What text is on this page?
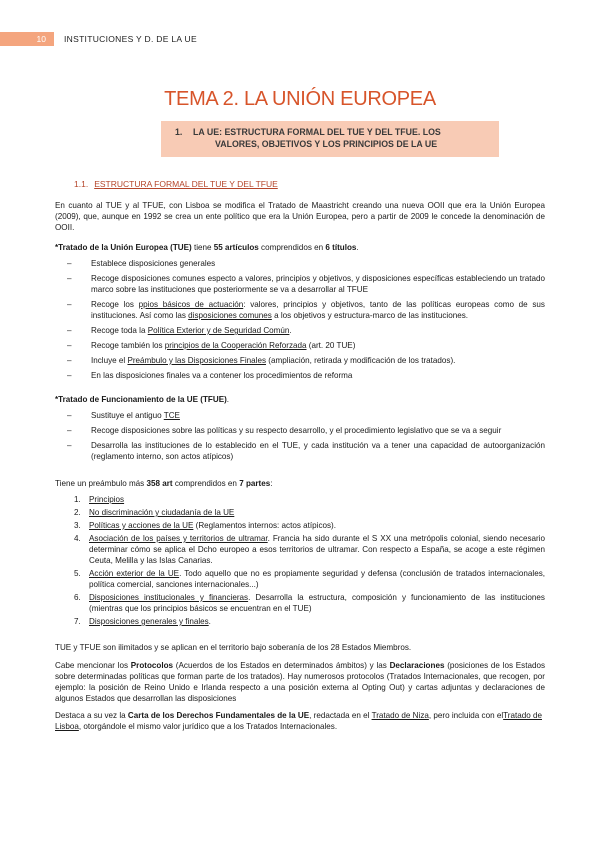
10	INSTITUCIONES Y D. DE LA UE
TEMA 2. LA UNIÓN EUROPEA
1. LA UE: ESTRUCTURA FORMAL DEL TUE Y DEL TFUE. LOS
VALORES, OBJETIVOS Y LOS PRINCIPIOS DE LA UE
1.1. ESTRUCTURA FORMAL DEL TUE Y DEL TFUE
En cuanto al TUE y al TFUE, con Lisboa se modifica el Tratado de Maastricht creando una nueva OOII que era la Unión Europea (2009), que, aunque en 1992 se crea un ente político que era la Unión Europea, pero a partir de 2009 le concede la denominación de OOII.
*Tratado de la Unión Europea (TUE) tiene 55 artículos comprendidos en 6 títulos.
– Establece disposiciones generales
– Recoge disposiciones comunes especto a valores, principios y objetivos, y disposiciones específicas estableciendo un tratado marco sobre las instituciones que posteriormente se va a desarrollar al TFUE
– Recoge los ppios básicos de actuación: valores, principios y objetivos, tanto de las políticas europeas como de sus instituciones. Así como las disposiciones comunes a los objetivos y estructura-marco de las instituciones.
– Recoge toda la Política Exterior y de Seguridad Común.
– Recoge también los principios de la Cooperación Reforzada (art. 20 TUE)
– Incluye el Preámbulo y las Disposiciones Finales (ampliación, retirada y modificación de los tratados).
– En las disposiciones finales va a contener los procedimientos de reforma
*Tratado de Funcionamiento de la UE (TFUE).
– Sustituye el antiguo TCE
– Recoge disposiciones sobre las políticas y su respecto desarrollo, y el procedimiento legislativo que se va a seguir
– Desarrolla las instituciones de lo establecido en el TUE, y cada institución va a tener una capacidad de autoorganización (reglamento interno, son actos atípicos)
Tiene un preámbulo más 358 art comprendidos en 7 partes:
1. Principios
2. No discriminación y ciudadanía de la UE
3. Políticas y acciones de la UE (Reglamentos internos: actos atípicos).
4. Asociación de los países y territorios de ultramar. Francia ha sido durante el S XX una metrópolis colonial, siendo necesario determinar cómo se aplica el Dcho europeo a esos territorios de ultramar. Con respecto a España, se acoge a este régimen Ceuta, Melilla y las Islas Canarias.
5. Acción exterior de la UE. Todo aquello que no es propiamente seguridad y defensa (conclusión de tratados internacionales, política comercial, sanciones internacionales...)
6. Disposiciones institucionales y financieras. Desarrolla la estructura, composición y funcionamiento de las instituciones (mientras que los principios básicos se encuentran en el TUE)
7. Disposiciones generales y finales.
TUE y TFUE son ilimitados y se aplican en el territorio bajo soberanía de los 28 Estados Miembros.
Cabe mencionar los Protocolos (Acuerdos de los Estados en determinados ámbitos) y las Declaraciones (posiciones de los Estados sobre determinadas políticas que forman parte de los tratados). Hay numerosos protocolos (Tratados Internacionales, que recogen, por ejemplo: la posición de Reino Unido e Irlanda respecto a una posición externa al Opting Out) y cartas adjuntas y declaraciones de algunos Estados que desarrollan las disposiciones
Destaca a su vez la Carta de los Derechos Fundamentales de la UE, redactada en el Tratado de Niza, pero incluida con elTratado de Lisboa, otorgándole el mismo valor jurídico que a los Tratados Internacionales.
